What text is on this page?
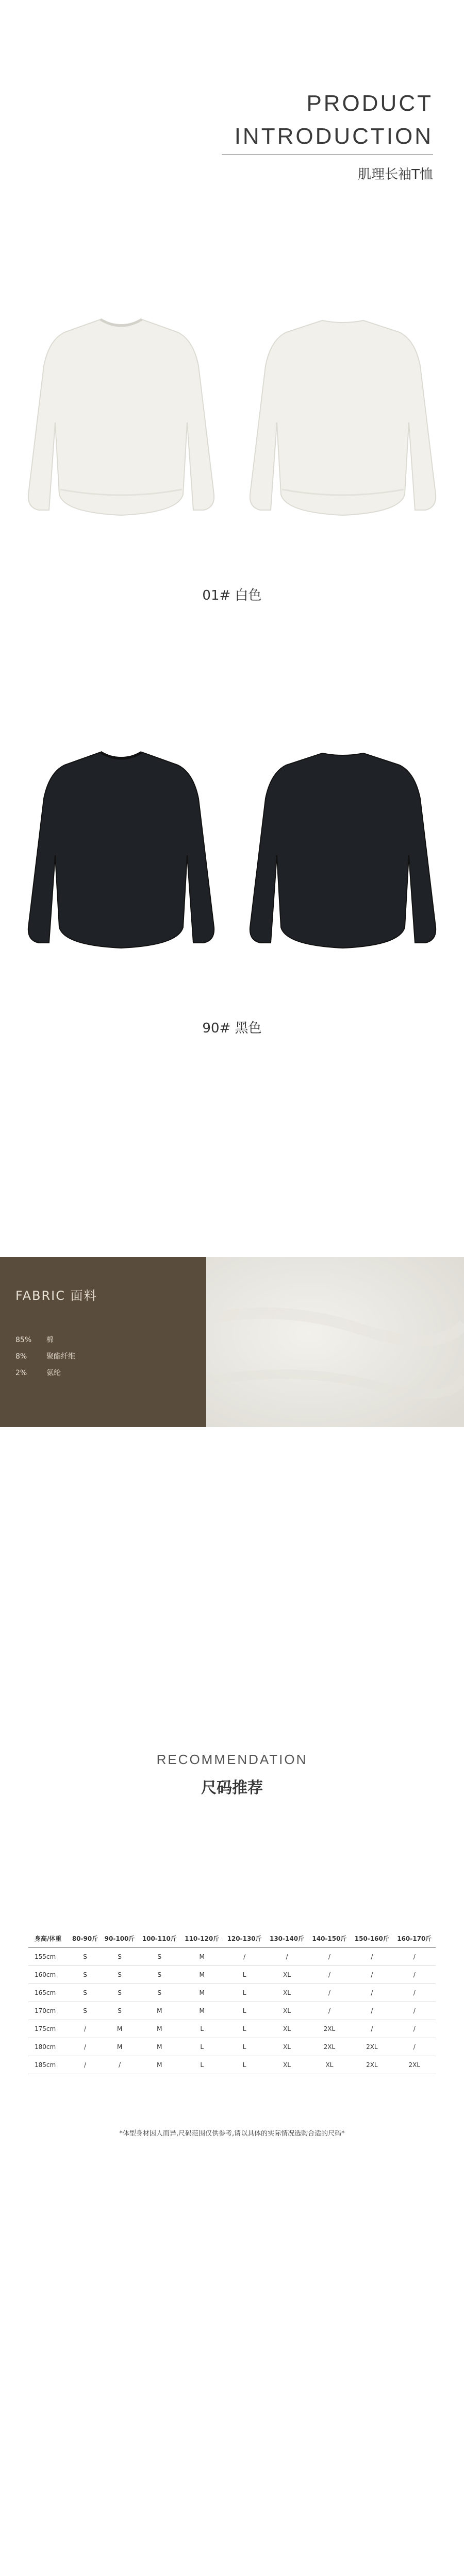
PRODUCT
INTRODUCTION
肌理长袖T恤
01# 白色
90# 黑色
FABRIC 面料
85% 棉
8%	聚酯纤维
2%	氨纶
RECOMMENDATION
尺码推荐
身高/体重	80-90斤	90-100斤	100-110斤	110-120斤	120-130斤	130-140斤	140-150斤	150-160斤	160-170斤
155cm	S	S	S	M	/	/	/	/	/
160cm	S	S	S	M	L	XL	/	/	/
165cm	S	S	S	M	L	XL	/	/	/
170cm	S	S	M	M	L	XL	/	/	/
175cm	/	M	M	L	L	XL	2XL	/	/
180cm	/	M	M	L	L	XL	2XL	2XL	/
185cm	/	/	M	L	L	XL	XL	2XL	2XL
*体型身材因人而异,尺码范围仅供参考,请以具体的实际情况选购合适的尺码*
